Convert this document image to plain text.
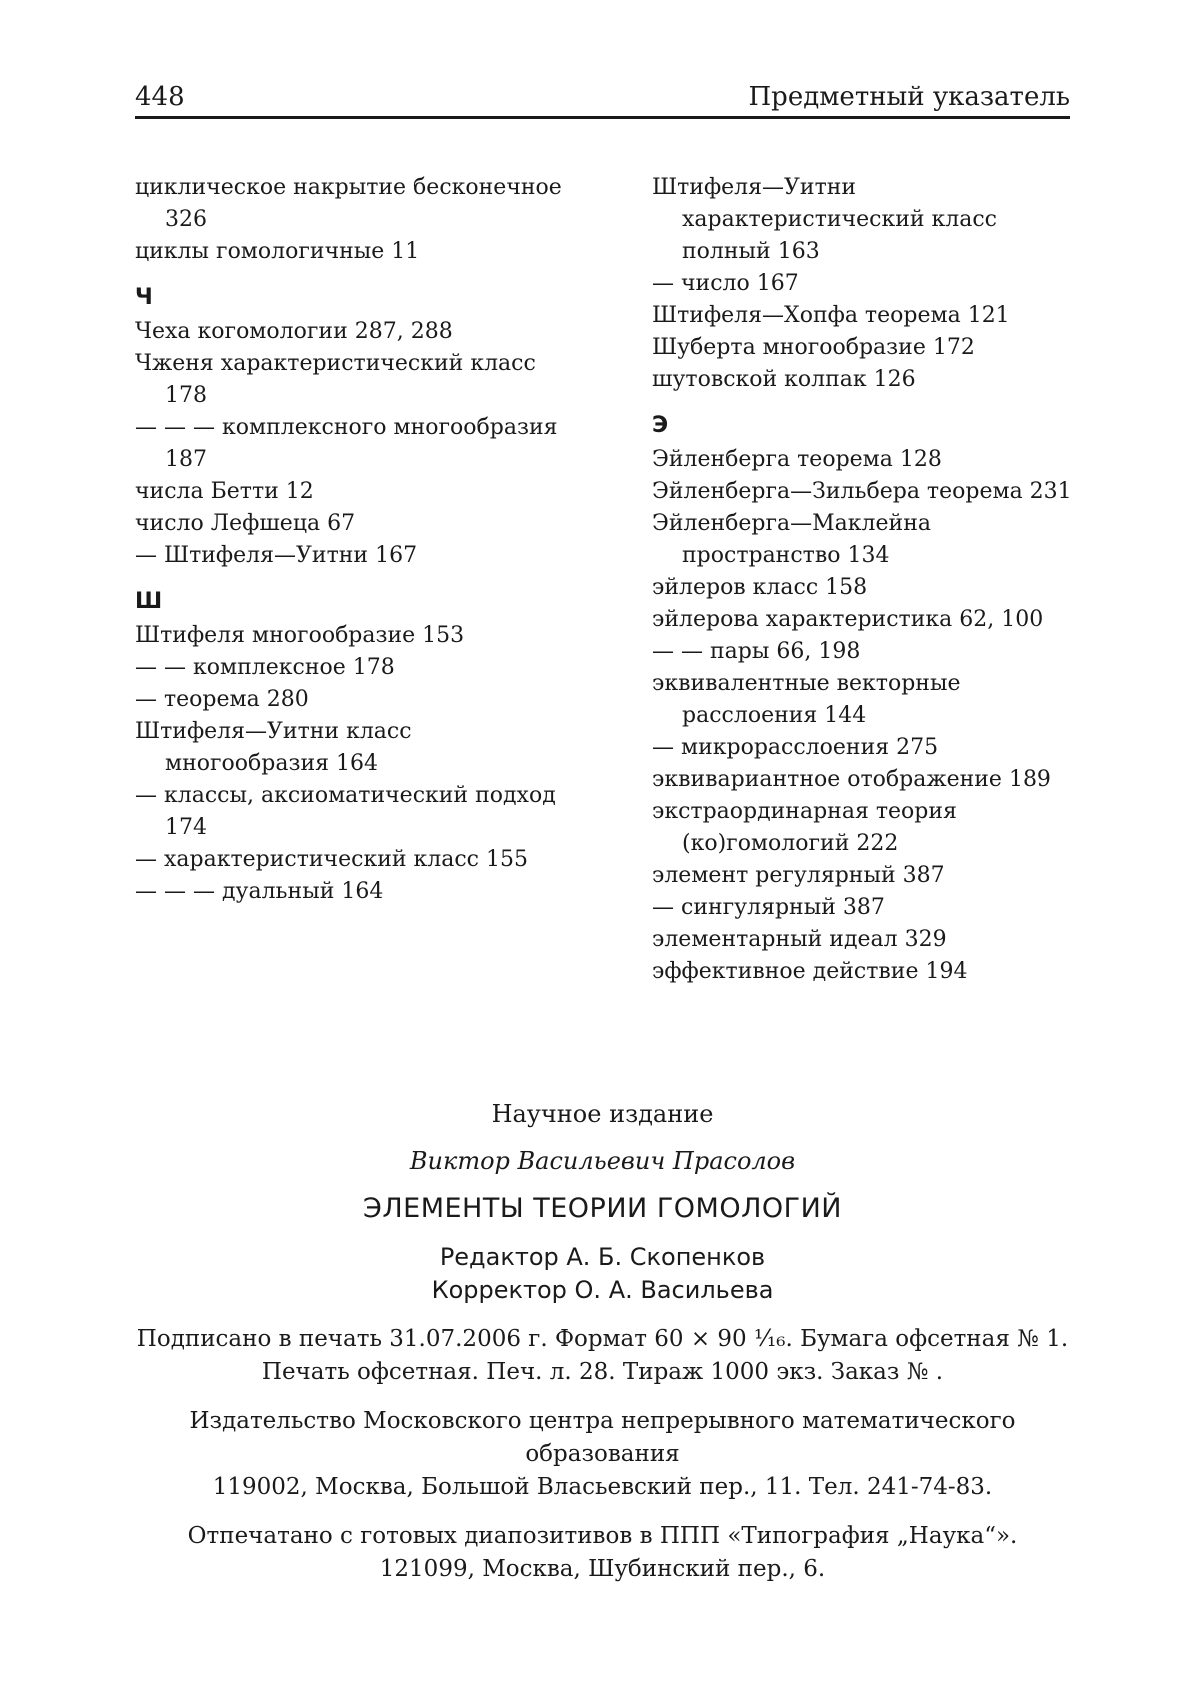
448	Предметный указатель
циклическое накрытие бесконечное 326
циклы гомологичные 11
Ч
Чеха когомологии 287, 288
Чженя характеристический класс 178
— — — комплексного многообразия 187
числа Бетти 12
число Лефшеца 67
— Штифеля—Уитни 167
Ш
Штифеля многообразие 153
— — комплексное 178
— теорема 280
Штифеля—Уитни класс многообразия 164
— классы, аксиоматический подход 174
— характеристический класс 155
— — — дуальный 164
Штифеля—Уитни характеристический класс полный 163
— число 167
Штифеля—Хопфа теорема 121
Шуберта многообразие 172
шутовской колпак 126
Э
Эйленберга теорема 128
Эйленберга—Зильбера теорема 231
Эйленберга—Маклейна пространство 134
эйлеров класс 158
эйлерова характеристика 62, 100
— — пары 66, 198
эквивалентные векторные расслоения 144
— микрорасслоения 275
эквивариантное отображение 189
экстраординарная теория (ко)гомологий 222
элемент регулярный 387
— сингулярный 387
элементарный идеал 329
эффективное действие 194

Научное издание

Виктор Васильевич Прасолов

ЭЛЕМЕНТЫ ТЕОРИИ ГОМОЛОГИЙ

Редактор А. Б. Скопенков

Корректор О. А. Васильева

Подписано в печать 31.07.2006 г. Формат 60 × 90 ¹⁄₁₆. Бумага офсетная № 1.

Печать офсетная. Печ. л. 28. Тираж 1000 экз. Заказ № .

Издательство Московского центра непрерывного математического образования

119002, Москва, Большой Власьевский пер., 11. Тел. 241-74-83.

Отпечатано с готовых диапозитивов в ППП «Типография „Наука“».

121099, Москва, Шубинский пер., 6.
